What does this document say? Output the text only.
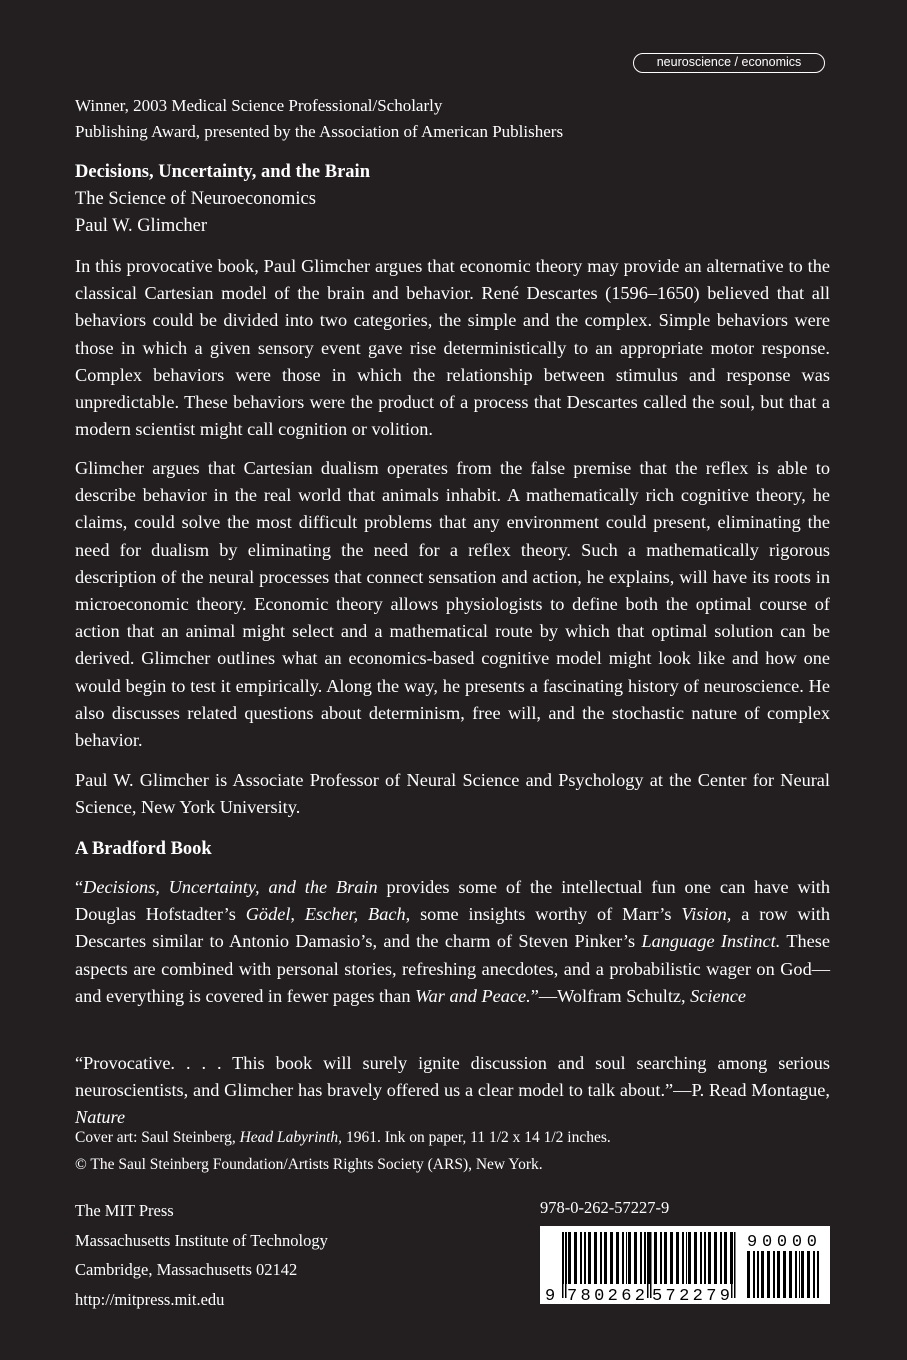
neuroscience / economics
Winner, 2003 Medical Science Professional/Scholarly
Publishing Award, presented by the Association of American Publishers
Decisions, Uncertainty, and the Brain
The Science of Neuroeconomics
Paul W. Glimcher

In this provocative book, Paul Glimcher argues that economic theory may provide an alternative to the classical Cartesian model of the brain and behavior. René Descartes (1596–1650) believed that all behaviors could be divided into two categories, the simple and the complex. Simple behaviors were those in which a given sensory event gave rise deterministically to an appropriate motor response. Complex behaviors were those in which the relationship between stimulus and response was unpredictable. These behaviors were the product of a process that Descartes called the soul, but that a modern scientist might call cognition or volition.

Glimcher argues that Cartesian dualism operates from the false premise that the reflex is able to describe behavior in the real world that animals inhabit. A mathematically rich cognitive theory, he claims, could solve the most difficult problems that any environment could present, eliminating the need for dualism by eliminating the need for a reflex theory. Such a mathematically rigorous description of the neural processes that connect sensation and action, he explains, will have its roots in microeconomic theory. Economic theory allows physiologists to define both the optimal course of action that an animal might select and a mathematical route by which that optimal solution can be derived. Glimcher outlines what an economics-based cognitive model might look like and how one would begin to test it empirically. Along the way, he presents a fascinating history of neuroscience. He also discusses related questions about determinism, free will, and the stochastic nature of complex behavior.

Paul W. Glimcher is Associate Professor of Neural Science and Psychology at the Center for Neural Science, New York University.

A Bradford Book

“Decisions, Uncertainty, and the Brain provides some of the intellectual fun one can have with Douglas Hofstadter’s Gödel, Escher, Bach, some insights worthy of Marr’s Vision, a row with Descartes similar to Antonio Damasio’s, and the charm of Steven Pinker’s Language Instinct. These aspects are combined with personal stories, refreshing anecdotes, and a probabilistic wager on God—and everything is covered in fewer pages than War and Peace.”—Wolfram Schultz, Science

“Provocative. . . . This book will surely ignite discussion and soul searching among serious neuroscientists, and Glimcher has bravely offered us a clear model to talk about.”—P. Read Montague, Nature

Cover art: Saul Steinberg, Head Labyrinth, 1961. Ink on paper, 11 1/2 x 14 1/2 inches.
© The Saul Steinberg Foundation/Artists Rights Society (ARS), New York.
The MIT Press
Massachusetts Institute of Technology
Cambridge, Massachusetts 02142
http://mitpress.mit.edu
978-0-262-57227-9
9 780262 572279
90000
